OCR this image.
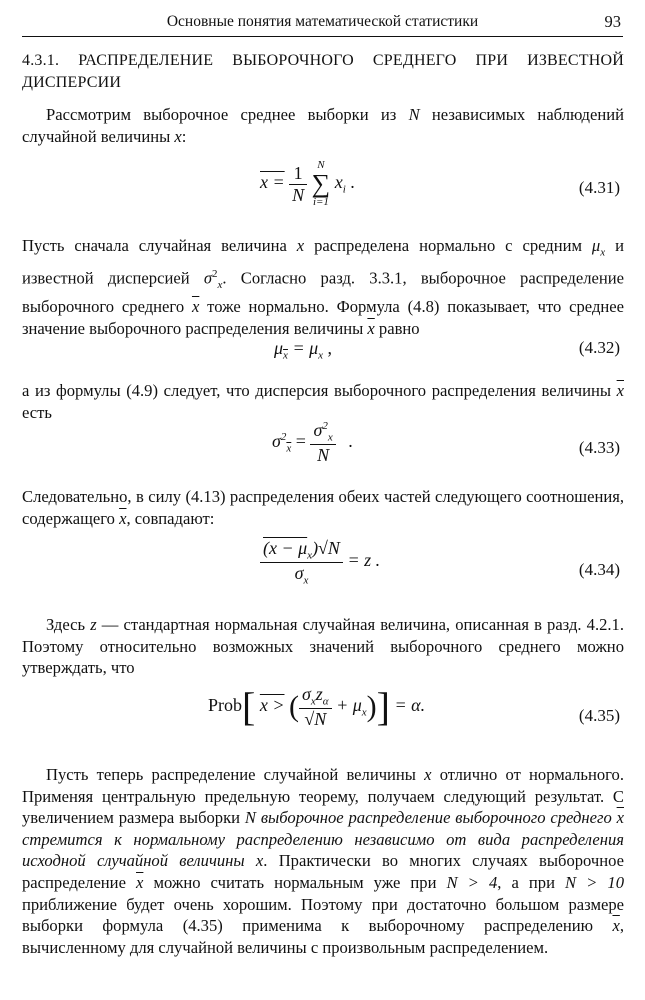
Основные понятия математической статистики	93
4.3.1. РАСПРЕДЕЛЕНИЕ ВЫБОРОЧНОГО СРЕДНЕГО ПРИ ИЗВЕСТНОЙ ДИСПЕРСИИ
Рассмотрим выборочное среднее выборки из N независимых наблюдений случайной величины x:
$x = \frac{1}{N}$
N
∑
i=1
$x_i$ .	(4.31)
Пусть сначала случайная величина x распределена нормально с средним $\mu_x$ и известной дисперсией $\sigma^2_x$. Согласно разд. 3.3.1, выборочное распределение выборочного среднего $\overline{x}$ тоже нормально. Формула (4.8) показывает, что среднее значение выборочного распределения величины $\overline{x}$ равно
$\mu_{\overline{x}} = \mu_x$ ,	(4.32)
а из формулы (4.9) следует, что дисперсия выборочного распределения величины $\overline{x}$ есть
$\sigma^2_{\overline{x}} = \frac{\sigma^2_x}{N}$ .	(4.33)
Следовательно, в силу (4.13) распределения обеих частей следующего соотношения, содержащего $\overline{x}$, совпадают:
$\frac{(x - \mu_x)√N}{\sigma_x} = z$ .	(4.34)
Здесь z — стандартная нормальная случайная величина, описанная в разд. 4.2.1. Поэтому относительно возможных значений выборочного среднего можно утверждать, что
Prob[ x > ( $\frac{\sigma_xz_\alpha}{√N} + \mu_x)] = \alpha$.
(4.35)
Пусть теперь распределение случайной величины x отлично от нормального. Применяя центральную предельную теорему, получаем следующий результат. С увеличением размера выборки N выборочное распределение выборочного среднего $\overline{x}$ стремится к нормальному распределению независимо от вида распределения исходной случайной величины x. Практически во многих случаях выборочное распределение $\overline{x}$ можно считать нормальным уже при N > 4, а при N > 10 приближение будет очень хорошим. Поэтому при достаточно большом размере выборки формула (4.35) применима к выборочному распределению $\overline{x}$, вычисленному для случайной величины с произвольным распределением.
